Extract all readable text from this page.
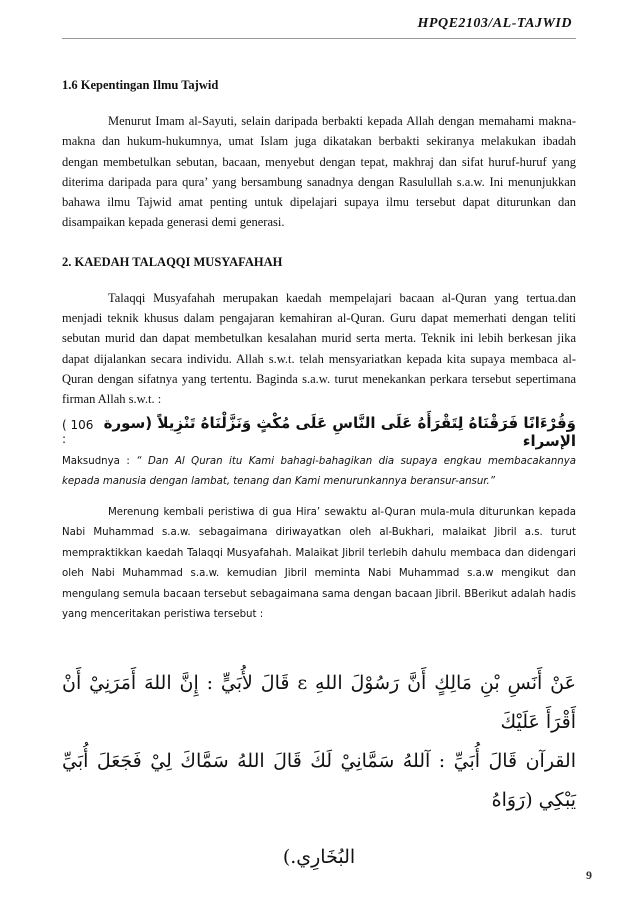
HPQE2103/AL-TAJWID

1.6 Kepentingan Ilmu Tajwid

Menurut Imam al-Sayuti, selain daripada berbakti kepada Allah dengan memahami makna-makna dan hukum-hukumnya, umat Islam juga dikatakan berbakti sekiranya melakukan ibadah dengan membetulkan sebutan, bacaan, menyebut dengan tepat, makhraj dan sifat huruf-huruf yang diterima daripada para qura’ yang bersambung sanadnya dengan Rasulullah s.a.w. Ini menunjukkan bahawa ilmu Tajwid amat penting untuk dipelajari supaya ilmu tersebut dapat diturunkan dan disampaikan kepada generasi demi generasi.

2. KAEDAH TALAQQI MUSYAFAHAH

Talaqqi Musyafahah merupakan kaedah mempelajari bacaan al-Quran yang tertua.dan menjadi teknik khusus dalam pengajaran kemahiran al-Quran. Guru dapat memerhati dengan teliti sebutan murid dan dapat membetulkan kesalahan murid serta merta. Teknik ini lebih berkesan jika dapat dijalankan secara individu. Allah s.w.t. telah mensyariatkan kepada kita supaya membaca al-Quran dengan sifatnya yang tertentu. Baginda s.a.w. turut menekankan perkara tersebut sepertimana firman Allah s.w.t. :

( 106 :
وَقُرْءَانًا فَرَقْنَاهُ لِتَقْرَأَهُ عَلَى النَّاسِ عَلَى مُكْثٍ وَنَزَّلْنَاهُ تَنْزِيلاً (سورة الإسراء

Maksudnya : “ Dan Al Quran itu Kami bahagi-bahagikan dia supaya engkau membacakannya kepada manusia dengan lambat, tenang dan Kami menurunkannya beransur-ansur.”

Merenung kembali peristiwa di gua Hira’ sewaktu al-Quran mula-mula diturunkan kepada Nabi Muhammad s.a.w. sebagaimana diriwayatkan oleh al-Bukhari, malaikat Jibril a.s. turut mempraktikkan kaedah Talaqqi Musyafahah. Malaikat Jibril terlebih dahulu membaca dan didengari oleh Nabi Muhammad s.a.w. kemudian Jibril meminta Nabi Muhammad s.a.w mengikut dan mengulang semula bacaan tersebut sebagaimana sama dengan bacaan Jibril. BBerikut adalah hadis yang menceritakan peristiwa tersebut :

عَنْ أَنَسِ بْنِ مَالِكٍ أَنَّ رَسُوْلَ اللهِ ε قَالَ لأُبَيٍّ : إِنَّ اللهَ أَمَرَنِيْ أَنْ أَقْرَأَ عَلَيْكَ

القرآن قَالَ أُبَيِّ : آللهُ سَمَّانِيْ لَكَ قَالَ اللهُ سَمَّاكَ لِيْ فَجَعَلَ أُبَيِّ يَبْكِي (رَوَاهُ

البُخَارِي.)

9
